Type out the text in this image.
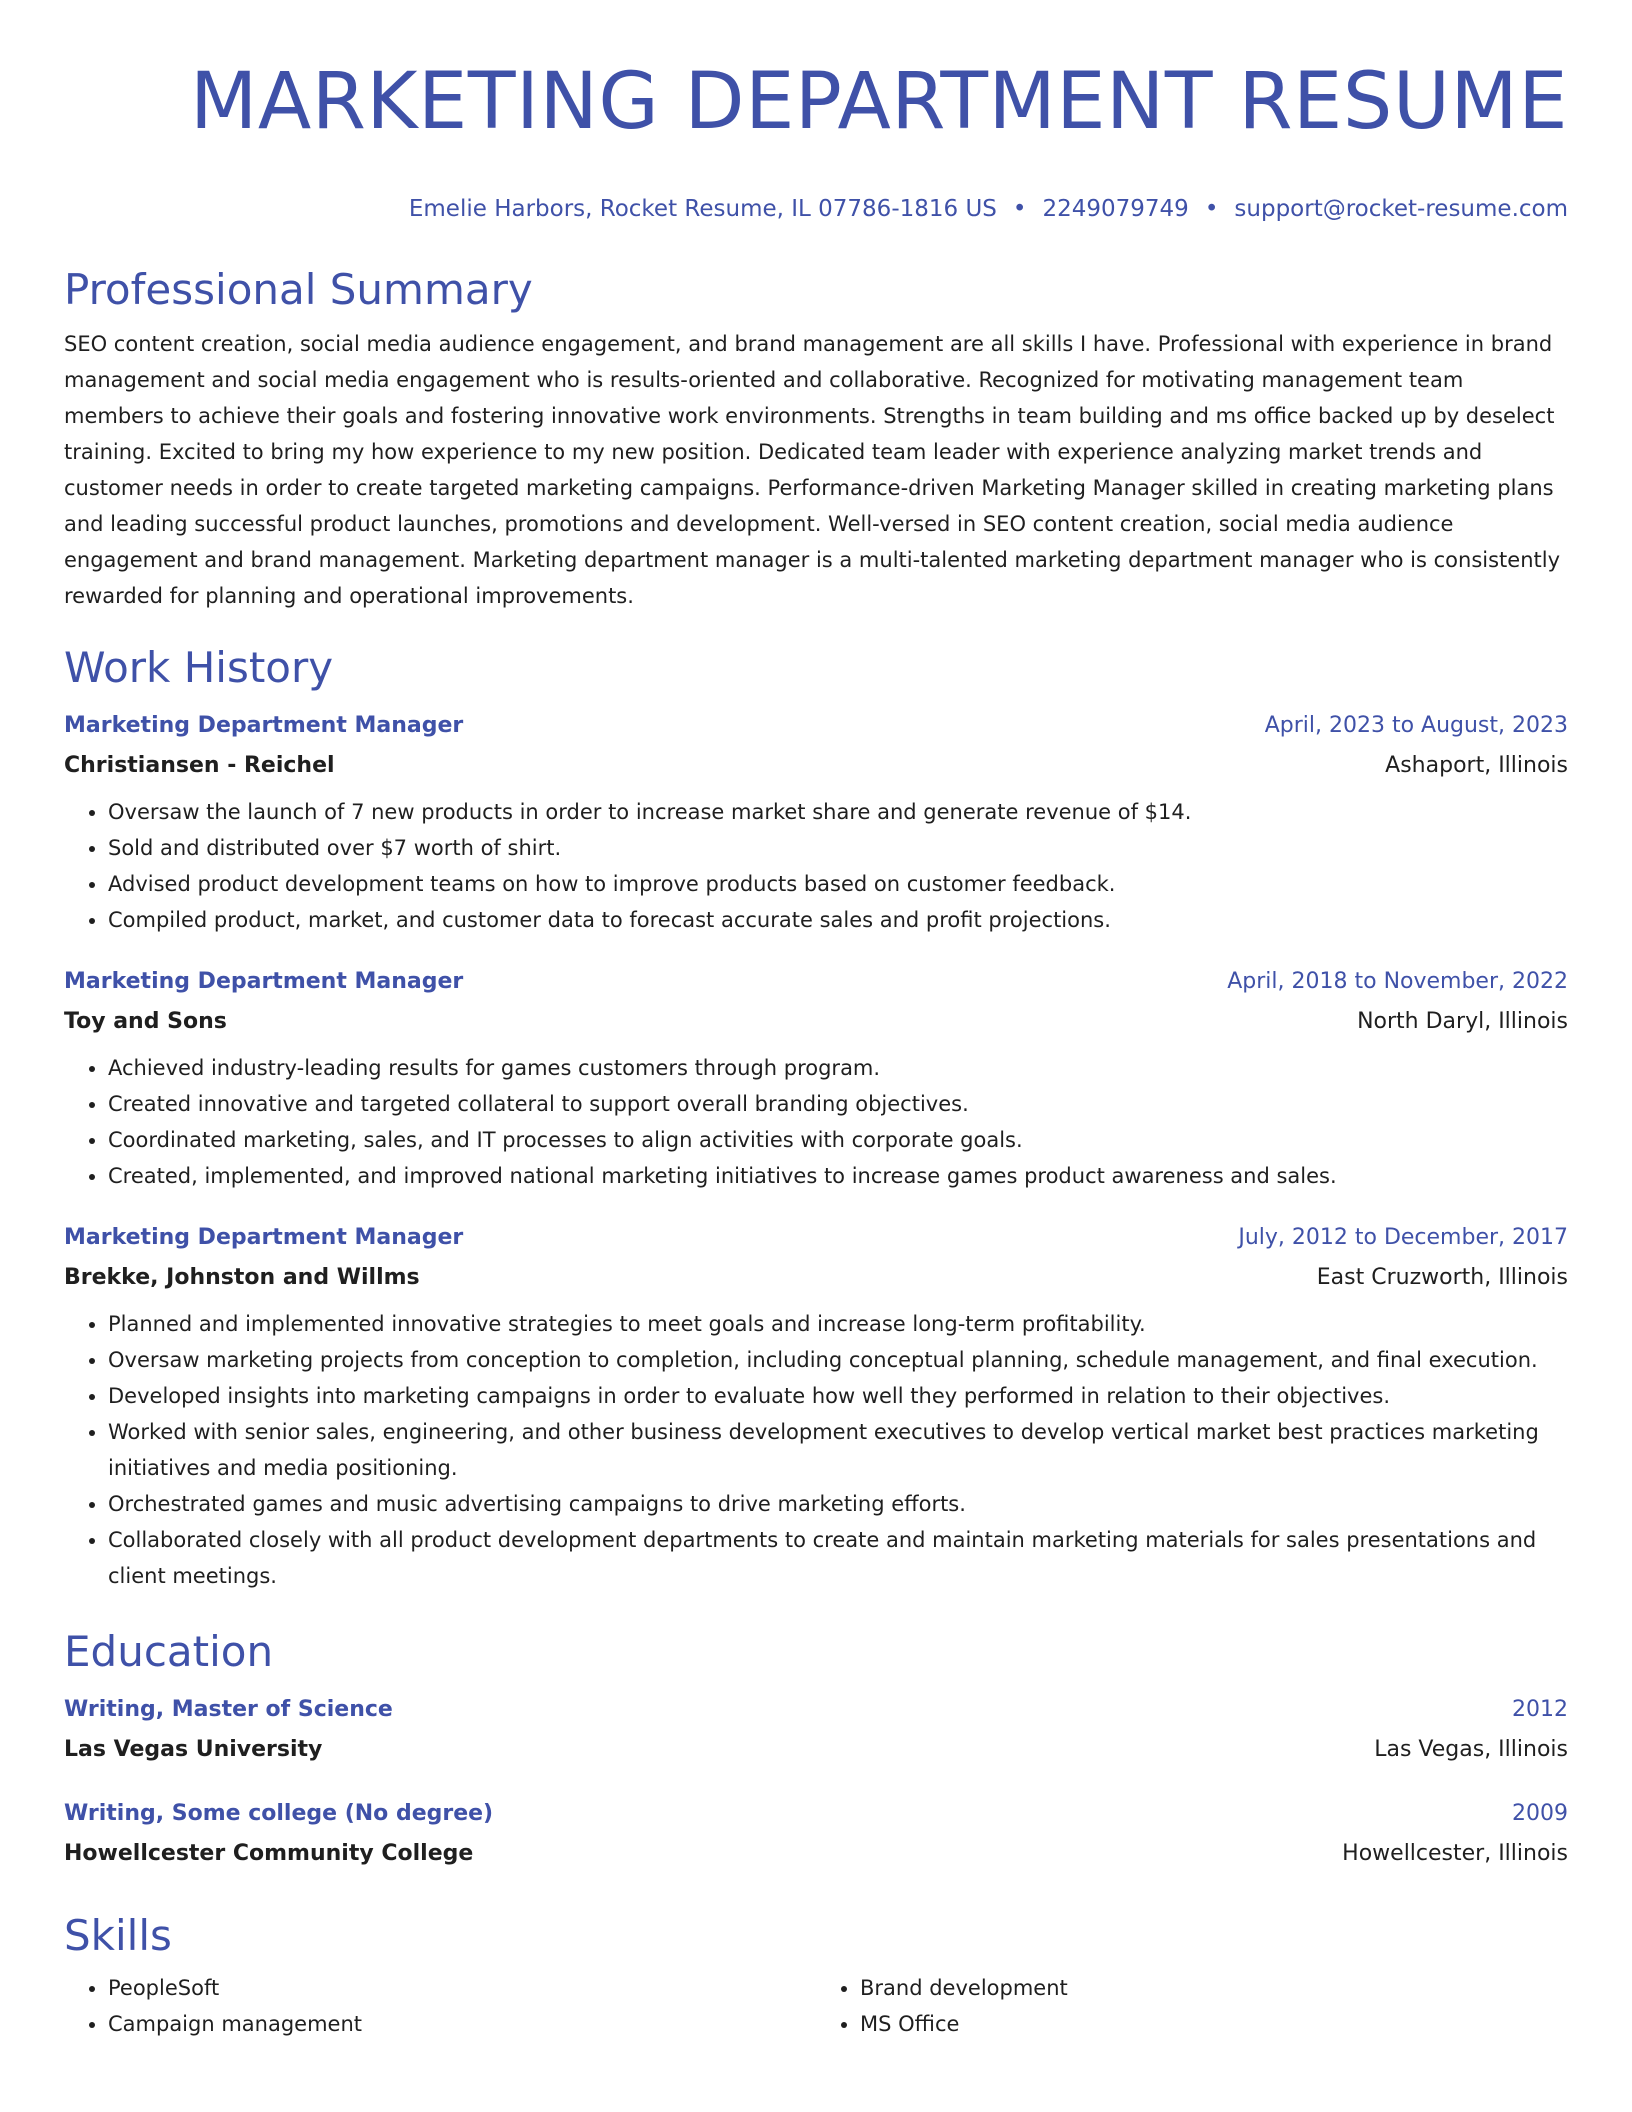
MARKETING DEPARTMENT RESUME
Emelie Harbors, Rocket Resume, IL 07786-1816 US • 2249079749 • support@rocket-resume.com
Professional Summary

SEO content creation, social media audience engagement, and brand management are all skills I have. Professional with experience in brand management and social media engagement who is results-oriented and collaborative. Recognized for motivating management team members to achieve their goals and fostering innovative work environments. Strengths in team building and ms office backed up by deselect training. Excited to bring my how experience to my new position. Dedicated team leader with experience analyzing market trends and customer needs in order to create targeted marketing campaigns. Performance-driven Marketing Manager skilled in creating marketing plans and leading successful product launches, promotions and development. Well-versed in SEO content creation, social media audience engagement and brand management. Marketing department manager is a multi-talented marketing department manager who is consistently rewarded for planning and operational improvements.

Work History
Marketing Department Manager	April, 2023 to August, 2023
Christiansen - Reichel	Ashaport, Illinois
• Oversaw the launch of 7 new products in order to increase market share and generate revenue of $14.
• Sold and distributed over $7 worth of shirt.
• Advised product development teams on how to improve products based on customer feedback.
• Compiled product, market, and customer data to forecast accurate sales and profit projections.
Marketing Department Manager	April, 2018 to November, 2022
Toy and Sons	North Daryl, Illinois
• Achieved industry-leading results for games customers through program.
• Created innovative and targeted collateral to support overall branding objectives.
• Coordinated marketing, sales, and IT processes to align activities with corporate goals.
• Created, implemented, and improved national marketing initiatives to increase games product awareness and sales.
Marketing Department Manager	July, 2012 to December, 2017
Brekke, Johnston and Willms	East Cruzworth, Illinois
• Planned and implemented innovative strategies to meet goals and increase long-term profitability.
• Oversaw marketing projects from conception to completion, including conceptual planning, schedule management, and final execution.
• Developed insights into marketing campaigns in order to evaluate how well they performed in relation to their objectives.
• Worked with senior sales, engineering, and other business development executives to develop vertical market best practices marketing initiatives and media positioning.
• Orchestrated games and music advertising campaigns to drive marketing efforts.
• Collaborated closely with all product development departments to create and maintain marketing materials for sales presentations and client meetings.
Education
Writing, Master of Science	2012
Las Vegas University	Las Vegas, Illinois
Writing, Some college (No degree)	2009
Howellcester Community College	Howellcester, Illinois
Skills
• PeopleSoft
• Campaign management
• Brand development
• MS Office
